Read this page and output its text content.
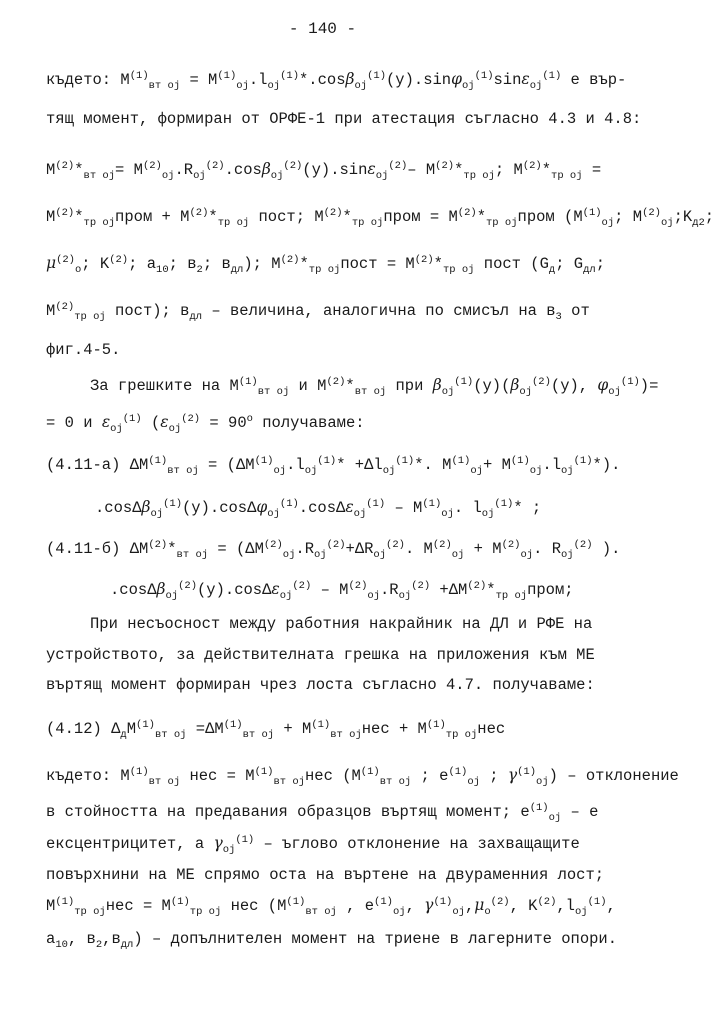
- 140 -
където: $M^{(1)}_{вт oj} = M^{(1)}_{oj}.l_{oj}^{(1)}*.\cos\beta_{oj}^{(1)}(y).\sin\varphi_{oj}^{(1)}\sin\varepsilon_{oj}^{(1)}$ е вър-
тящ момент, формиран от ОРФЕ-1 при атестация съгласно 4.3 и 4.8:
$M^{(2)}*_{вт oj}= M^{(2)}_{oj}.R_{oj}^{(2)}.\cos\beta_{oj}^{(2)}(y).\sin\varepsilon_{oj}^{(2)}-$ $M^{(2)}*_{тр oj}$; $M^{(2)}*_{тр oj}$ =
$M^{(2)}*_{тр oj}пром + M^{(2)}*_{тр oj}$ пост; $M^{(2)}*_{тр oj}пром$ = $M^{(2)}*_{тр oj}пром$ ($M^{(1)}_{oj}$; $M^{(2)}_{oj};K_{д2}$;
$\mu^{(2)}_o$; $K^{(2)}$; $a_{10}$; $в_2$; $в_{дл}$); $M^{(2)}*_{тр oj}пост = M^{(2)}*_{тр oj}$ пост ($G_д$; $G_{дл}$;
$M^{(2)}_{тр oj}$ пост); $в_{дл}$ – величина, аналогична по смисъл на $в_3$ от
фиг.4-5.
За грешките на $M^{(1)}_{вт oj}$ и $M^{(2)}*_{вт oj}$ при $\beta_{oj}^{(1)}(y)(\beta_{oj}^{(2)}(y)$, $\varphi_{oj}^{(1)})=$
= 0 и $\varepsilon_{oj}^{(1)}$ ($\varepsilon_{oj}^{(2)} = 90^o$ получаваме:
(4.11-а) $\Delta M^{(1)}_{вт oj} = (\Delta M^{(1)}_{oj}.l_{oj}^{(1)}* +\Delta l_{oj}^{(1)}*$. $M^{(1)}_{oj}+ M^{(1)}_{oj}.l_{oj}^{(1)}*$).
$.\cos\Delta\beta_{oj}^{(1)}(y).\cos\Delta\varphi_{oj}^{(1)}.\cos\Delta\varepsilon_{oj}^{(1)} - M^{(1)}_{oj}$. $l_{oj}^{(1)}*$ ;
(4.11-б) $\Delta M^{(2)}*_{вт oj} = (\Delta M^{(2)}_{oj}.R_{oj}^{(2)}+\Delta R_{oj}^{(2)}$. $M^{(2)}_{oj} + M^{(2)}_{oj}$. $R_{oj}^{(2)}$ ).
$.\cos\Delta\beta_{oj}^{(2)}(y).\cos\Delta\varepsilon_{oj}^{(2)} - M^{(2)}_{oj}.R_{oj}^{(2)}$ $+\Delta M^{(2)}*_{тр oj}пром$;
При несъосност между работния накрайник на ДЛ и РФЕ на
устройството, за действителната грешка на приложения към МЕ
въртящ момент формиран чрез лоста съгласно 4.7. получаваме:
(4.12) $\Delta_дM^{(1)}_{вт oj} =\Delta M^{(1)}_{вт oj} + M^{(1)}_{вт oj}нес + M^{(1)}_{тр oj}нес$
където: $M^{(1)}_{вт oj}$ нес = $M^{(1)}_{вт oj}нес$ ($M^{(1)}_{вт oj}$ ; $e^{(1)}_{oj}$ ; $\gamma^{(1)}_{oj}$) – отклонение
в стойността на предавания образцов въртящ момент; $e^{(1)}_{oj}$ – е
ексцентрицитет, а $\gamma_{oj}^{(1)}$ – ъглово отклонение на захващащите
повърхнини на МЕ спрямо оста на въртене на двураменния лост;
$M^{(1)}_{тр oj}нес = M^{(1)}_{тр oj}$ нес ($M^{(1)}_{вт oj}$ , $e^{(1)}_{oj}$, $\gamma^{(1)}_{oj},\mu_o^{(2)}$, $K^{(2)},l_{oj}^{(1)}$,
$a_{10}$, $в_2,в_{дл}$) – допълнителен момент на триене в лагерните опори.
